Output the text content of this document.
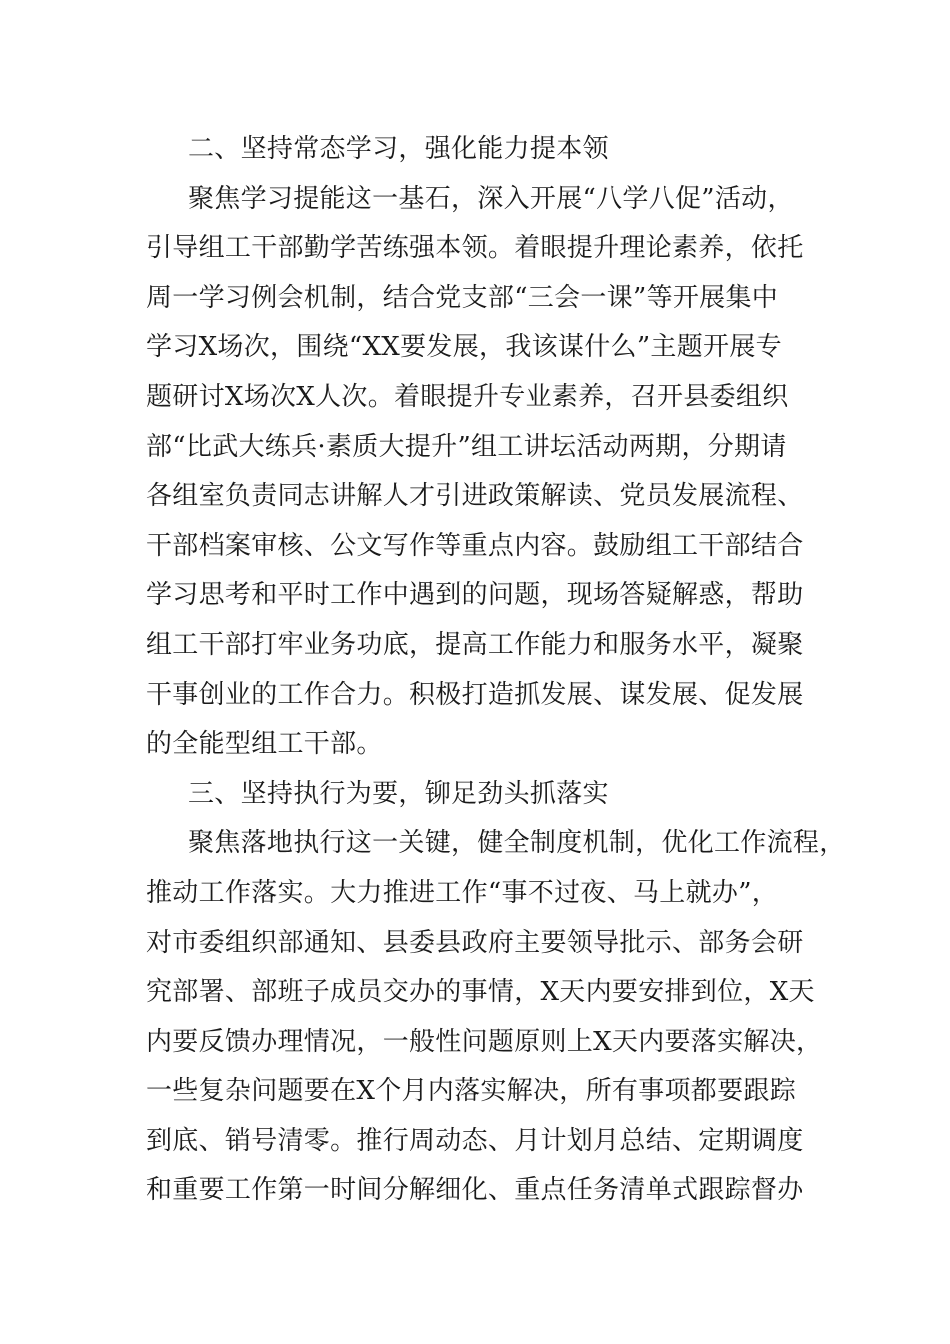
二、坚持常态学习，强化能力提本领
聚焦学习提能这一基石，深入开展“八学八促”活动，
引导组工干部勤学苦练强本领。着眼提升理论素养，依托
周一学习例会机制，结合党支部“三会一课”等开展集中
学习X场次，围绕“XX要发展，我该谋什么”主题开展专
题研讨X场次X人次。着眼提升专业素养，召开县委组织
部“比武大练兵·素质大提升”组工讲坛活动两期，分期请
各组室负责同志讲解人才引进政策解读、党员发展流程、
干部档案审核、公文写作等重点内容。鼓励组工干部结合
学习思考和平时工作中遇到的问题，现场答疑解惑，帮助
组工干部打牢业务功底，提高工作能力和服务水平，凝聚
干事创业的工作合力。积极打造抓发展、谋发展、促发展
的全能型组工干部。
三、坚持执行为要，铆足劲头抓落实
聚焦落地执行这一关键，健全制度机制，优化工作流程，
推动工作落实。大力推进工作“事不过夜、马上就办”，
对市委组织部通知、县委县政府主要领导批示、部务会研
究部署、部班子成员交办的事情，X天内要安排到位，X天
内要反馈办理情况，一般性问题原则上X天内要落实解决，
一些复杂问题要在X个月内落实解决，所有事项都要跟踪
到底、销号清零。推行周动态、月计划月总结、定期调度
和重要工作第一时间分解细化、重点任务清单式跟踪督办
